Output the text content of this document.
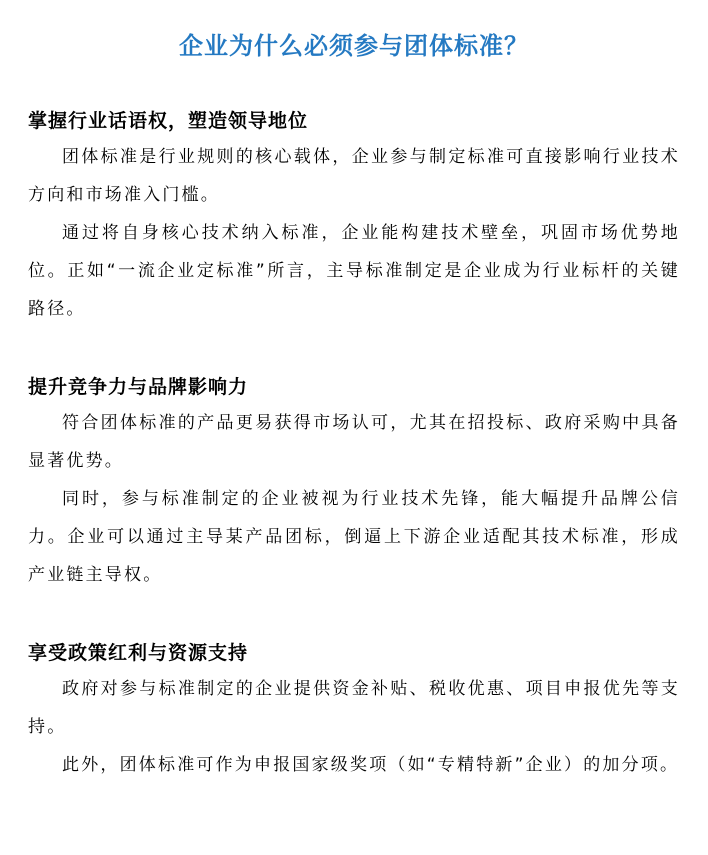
企业为什么必须参与团体标准？
掌握行业话语权，塑造领导地位

团体标准是行业规则的核心载体，企业参与制定标准可直接影响行业技术方向和市场准入门槛。

通过将自身核心技术纳入标准，企业能构建技术壁垒，巩固市场优势地位。正如“一流企业定标准”所言，主导标准制定是企业成为行业标杆的关键路径。

提升竞争力与品牌影响力

符合团体标准的产品更易获得市场认可，尤其在招投标、政府采购中具备显著优势。

同时，参与标准制定的企业被视为行业技术先锋，能大幅提升品牌公信力。企业可以通过主导某产品团标，倒逼上下游企业适配其技术标准，形成产业链主导权。

享受政策红利与资源支持

政府对参与标准制定的企业提供资金补贴、税收优惠、项目申报优先等支持。

此外，团体标准可作为申报国家级奖项（如“专精特新”企业）的加分项。
